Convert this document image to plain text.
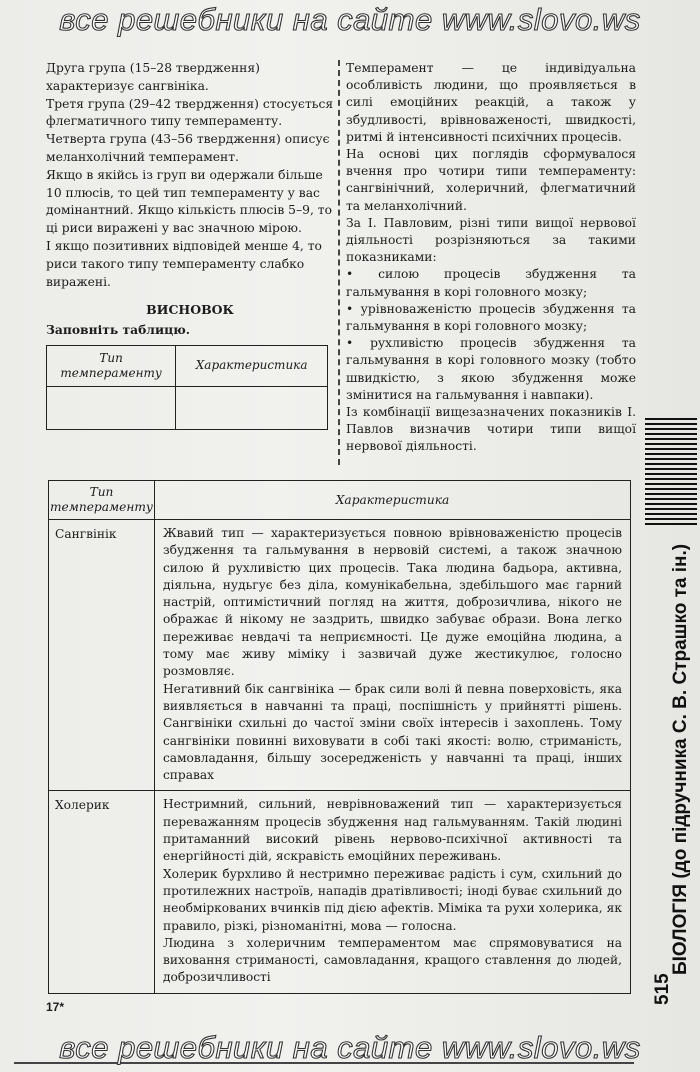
все решебники на сайте www.slovo.ws

Друга група (15–28 твердження) характеризує сангвініка.

Третя група (29–42 твердження) стосується флегматичного типу темпераменту.

Четверта група (43–56 твердження) описує меланхолічний темперамент.

Якщо в якійсь із груп ви одержали більше 10 плюсів, то цей тип темпераменту у вас домінантний. Якщо кількість плюсів 5–9, то ці риси виражені у вас значною мірою.

І якщо позитивних відповідей менше 4, то риси такого типу темпераменту слабко виражені.

ВИСНОВОК

Заповніть таблицю.

Тип темпераменту	Характеристика

Темперамент — це індивідуальна особливість людини, що проявляється в силі емоційних реакцій, а також у збудливості, врівноваженості, швидкості, ритмі й інтенсивності психічних процесів.

На основі цих поглядів сформувалося вчення про чотири типи темпераменту: сангвінічний, холеричний, флегматичний та меланхолічний.

За І. Павловим, різні типи вищої нервової діяльності розрізняються за такими показниками:

• силою процесів збудження та гальмування в корі головного мозку;

• урівноваженістю процесів збудження та гальмування в корі головного мозку;

• рухливістю процесів збудження та гальмування в корі головного мозку (тобто швидкістю, з якою збудження може змінитися на гальмування і навпаки).

Із комбінації вищезазначених показників І. Павлов визначив чотири типи вищої нервової діяльності.

Тип темпераменту	Характеристика
Сангвінік	Жвавий тип — характеризується повною врівноваженістю процесів збудження та гальмування в нервовій системі, а також значною силою й рухливістю цих процесів. Така людина бадьора, активна, діяльна, нудьгує без діла, комунікабельна, здебільшого має гарний настрій, оптимістичний погляд на життя, доброзичлива, нікого не ображає й нікому не заздрить, швидко забуває образи. Вона легко переживає невдачі та неприємності. Це дуже емоційна людина, а тому має живу міміку і зазвичай дуже жестикулює, голосно розмовляє.

Негативний бік сангвініка — брак сили волі й певна поверховість, яка виявляється в навчанні та праці, поспішність у прийнятті рішень. Сангвініки схильні до частої зміни своїх інтересів і захоплень. Тому сангвініки повинні виховувати в собі такі якості: волю, стриманість, самовладання, більшу зосередженість у навчанні та праці, інших справах

Холерик	Нестримний, сильний, неврівноважений тип — характеризується переважанням процесів збудження над гальмуванням. Такій людині притаманний високий рівень нервово-психічної активності та енергійності дій, яскравість емоційних переживань.

Холерик бурхливо й нестримно переживає радість і сум, схильний до протилежних настроїв, нападів дратівливості; іноді буває схильний до необміркованих вчинків під дією афектів. Міміка та рухи холерика, як правило, різкі, різноманітні, мова — голосна.

Людина з холеричним темпераментом має спрямовуватися на виховання стриманості, самовладання, кращого ставлення до людей, доброзичливості

БІОЛОГІЯ (до підручника С. В. Страшко та ін.)
515
17*
все решебники на сайте www.slovo.ws
